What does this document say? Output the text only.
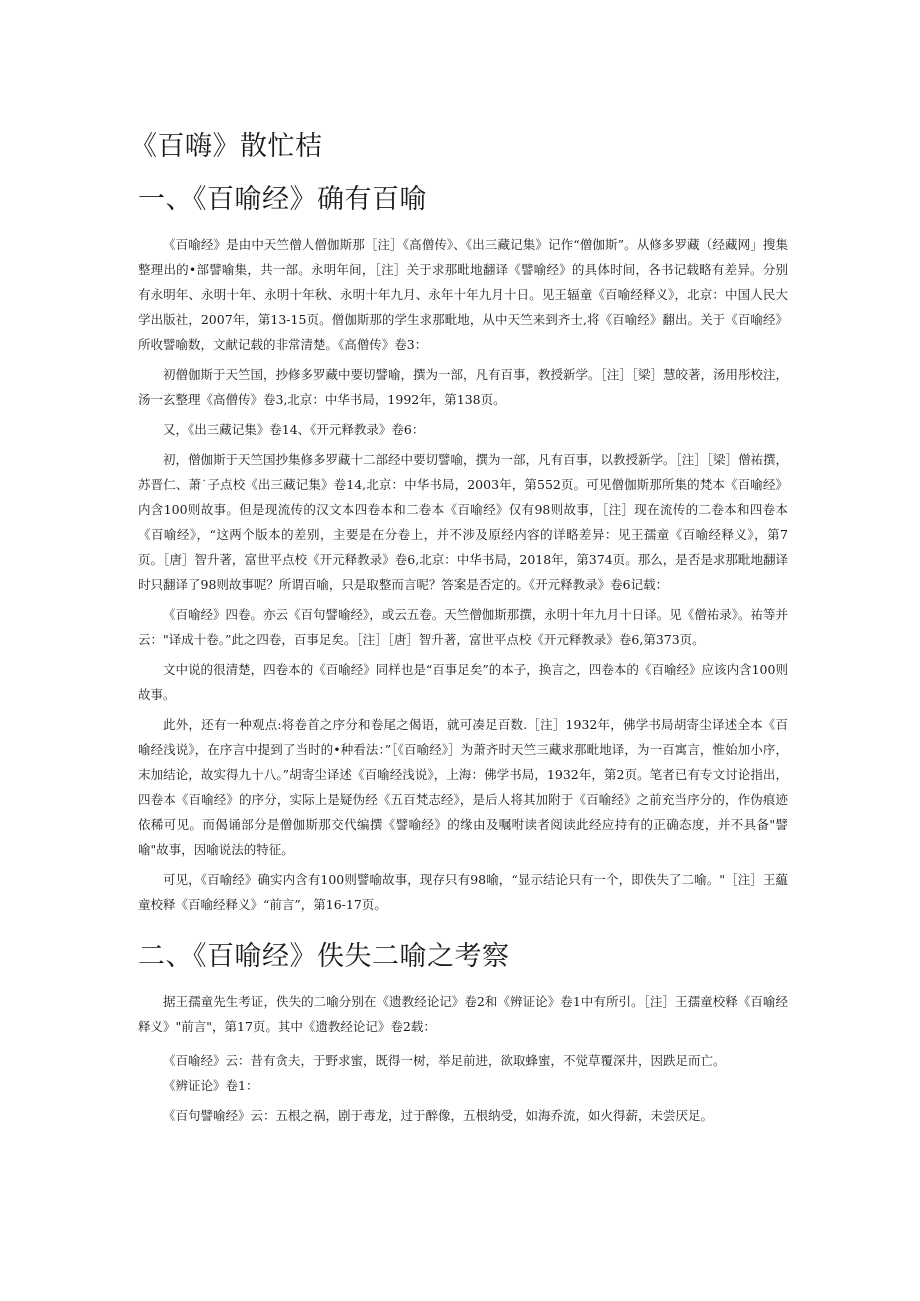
《百嗨》散忙桔
一、《百喻经》确有百喻

《百喻经》是由中天竺僧人僧伽斯那［注］《高僧传》、《出三藏记集》记作“僧伽斯”。从修多罗藏（经藏网」搜集整理出的•部譬喻集，共一部。永明年间，［注］关于求那毗地翻译《譬喻经》的具体时间，各书记载略有差异。分别有永明年、永明十年、永明十年秋、永明十年九月、永年十年九月十日。见王辐童《百喻经释义》，北京：中国人民大学出版社，2007年，第13-15页。僧伽斯那的学生求那毗地，从中天竺来到齐士,将《百喻经》翻出。关于《百喻经》所收譬喻数，文献记载的非常清楚。《高僧传》卷3：

初僧伽斯于天竺国，抄修多罗藏中要切譬喻，撰为一部，凡有百事，教授新学。［注］［梁］慧皎著，汤用彤校注，汤一玄整理《高僧传》卷3,北京：中华书局，1992年，第138页。

又，《出三藏记集》卷14、《开元释教录》卷6：

初，僧伽斯于天竺国抄集修多罗藏十二部经中要切譬喻，撰为一部，凡有百事，以教授新学。［注］［梁］僧祐撰，苏晋仁、萧˙子点校《出三藏记集》卷14,北京：中华书局，2003年，第552页。可见僧伽斯那所集的梵本《百喻经》内含100则故事。但是现流传的汉文本四卷本和二卷本《百喻经》仅有98则故事，［注］现在流传的二卷本和四卷本《百喻经》，“这两个版本的差别，主要是在分卷上，并不涉及原经内容的详略差异：见王孺童《百喻经释义》，第7页。［唐］智升著，富世平点校《开元释教录》卷6,北京：中华书局，2018年，第374页。那么，是否是求那毗地翻译时只翻译了98则故事呢？所谓百喻，只是取整而言呢？答案是否定的。《开元释教录》卷6记载：

《百喻经》四卷。亦云《百句譬喻经》，或云五卷。天竺僧伽斯那撰，永明十年九月十日译。见《僧祐录》。祐等并云："译成十卷。”此之四卷，百事足矣。［注］［唐］智升著，富世平点校《开元释教录》卷6,第373页。

文中说的很清楚，四卷本的《百喻经》同样也是“百事足矣”的本子，换言之，四卷本的《百喻经》应该内含100则故事。

此外，还有一种观点:将卷首之序分和卷尾之偈语，就可凑足百数.［注］1932年，佛学书局胡寄尘译述全本《百喻经浅说》，在序言中提到了当时的•种看法：”［《百喻经》］为萧齐时天竺三藏求那毗地译，为一百寓言，惟始加小序，末加结论，故实得九十八。”胡寄尘译述《百喻经浅说》，上海：佛学书局，1932年，第2页。笔者已有专文讨论指出，四卷本《百喻经》的序分，实际上是疑伪经《五百梵志经》，是后人将其加附于《百喻经》之前充当序分的，作伪痕迹依稀可见。而偈诵部分是僧伽斯那交代编撰《譬喻经》的缘由及嘱咐读者阅读此经应持有的正确态度，并不具备"譬喻"故事，因喻说法的特征。

可见，《百喻经》确实内含有100则譬喻故事，现存只有98喻，“显示结论只有一个，即佚失了二喻。"［注］王藴童校释《百喻经释义》“前言”，第16-17页。

二、《百喻经》佚失二喻之考察

据王孺童先生考证，佚失的二喻分别在《遗教经论记》卷2和《辨证论》卷1中有所引。［注］王孺童校释《百喻经释义》"前言"，第17页。其中《遗教经论记》卷2载：

《百喻经》云：昔有贪夫，于野求蜜，既得一树，举足前进，欲取蜂蜜，不觉草覆深井，因跌足而亡。

《辨证论》卷1：

《百句譬喻经》云：五根之祸，剧于毒龙，过于醉像，五根纳受，如海乔流，如火得薪，未尝厌足。
